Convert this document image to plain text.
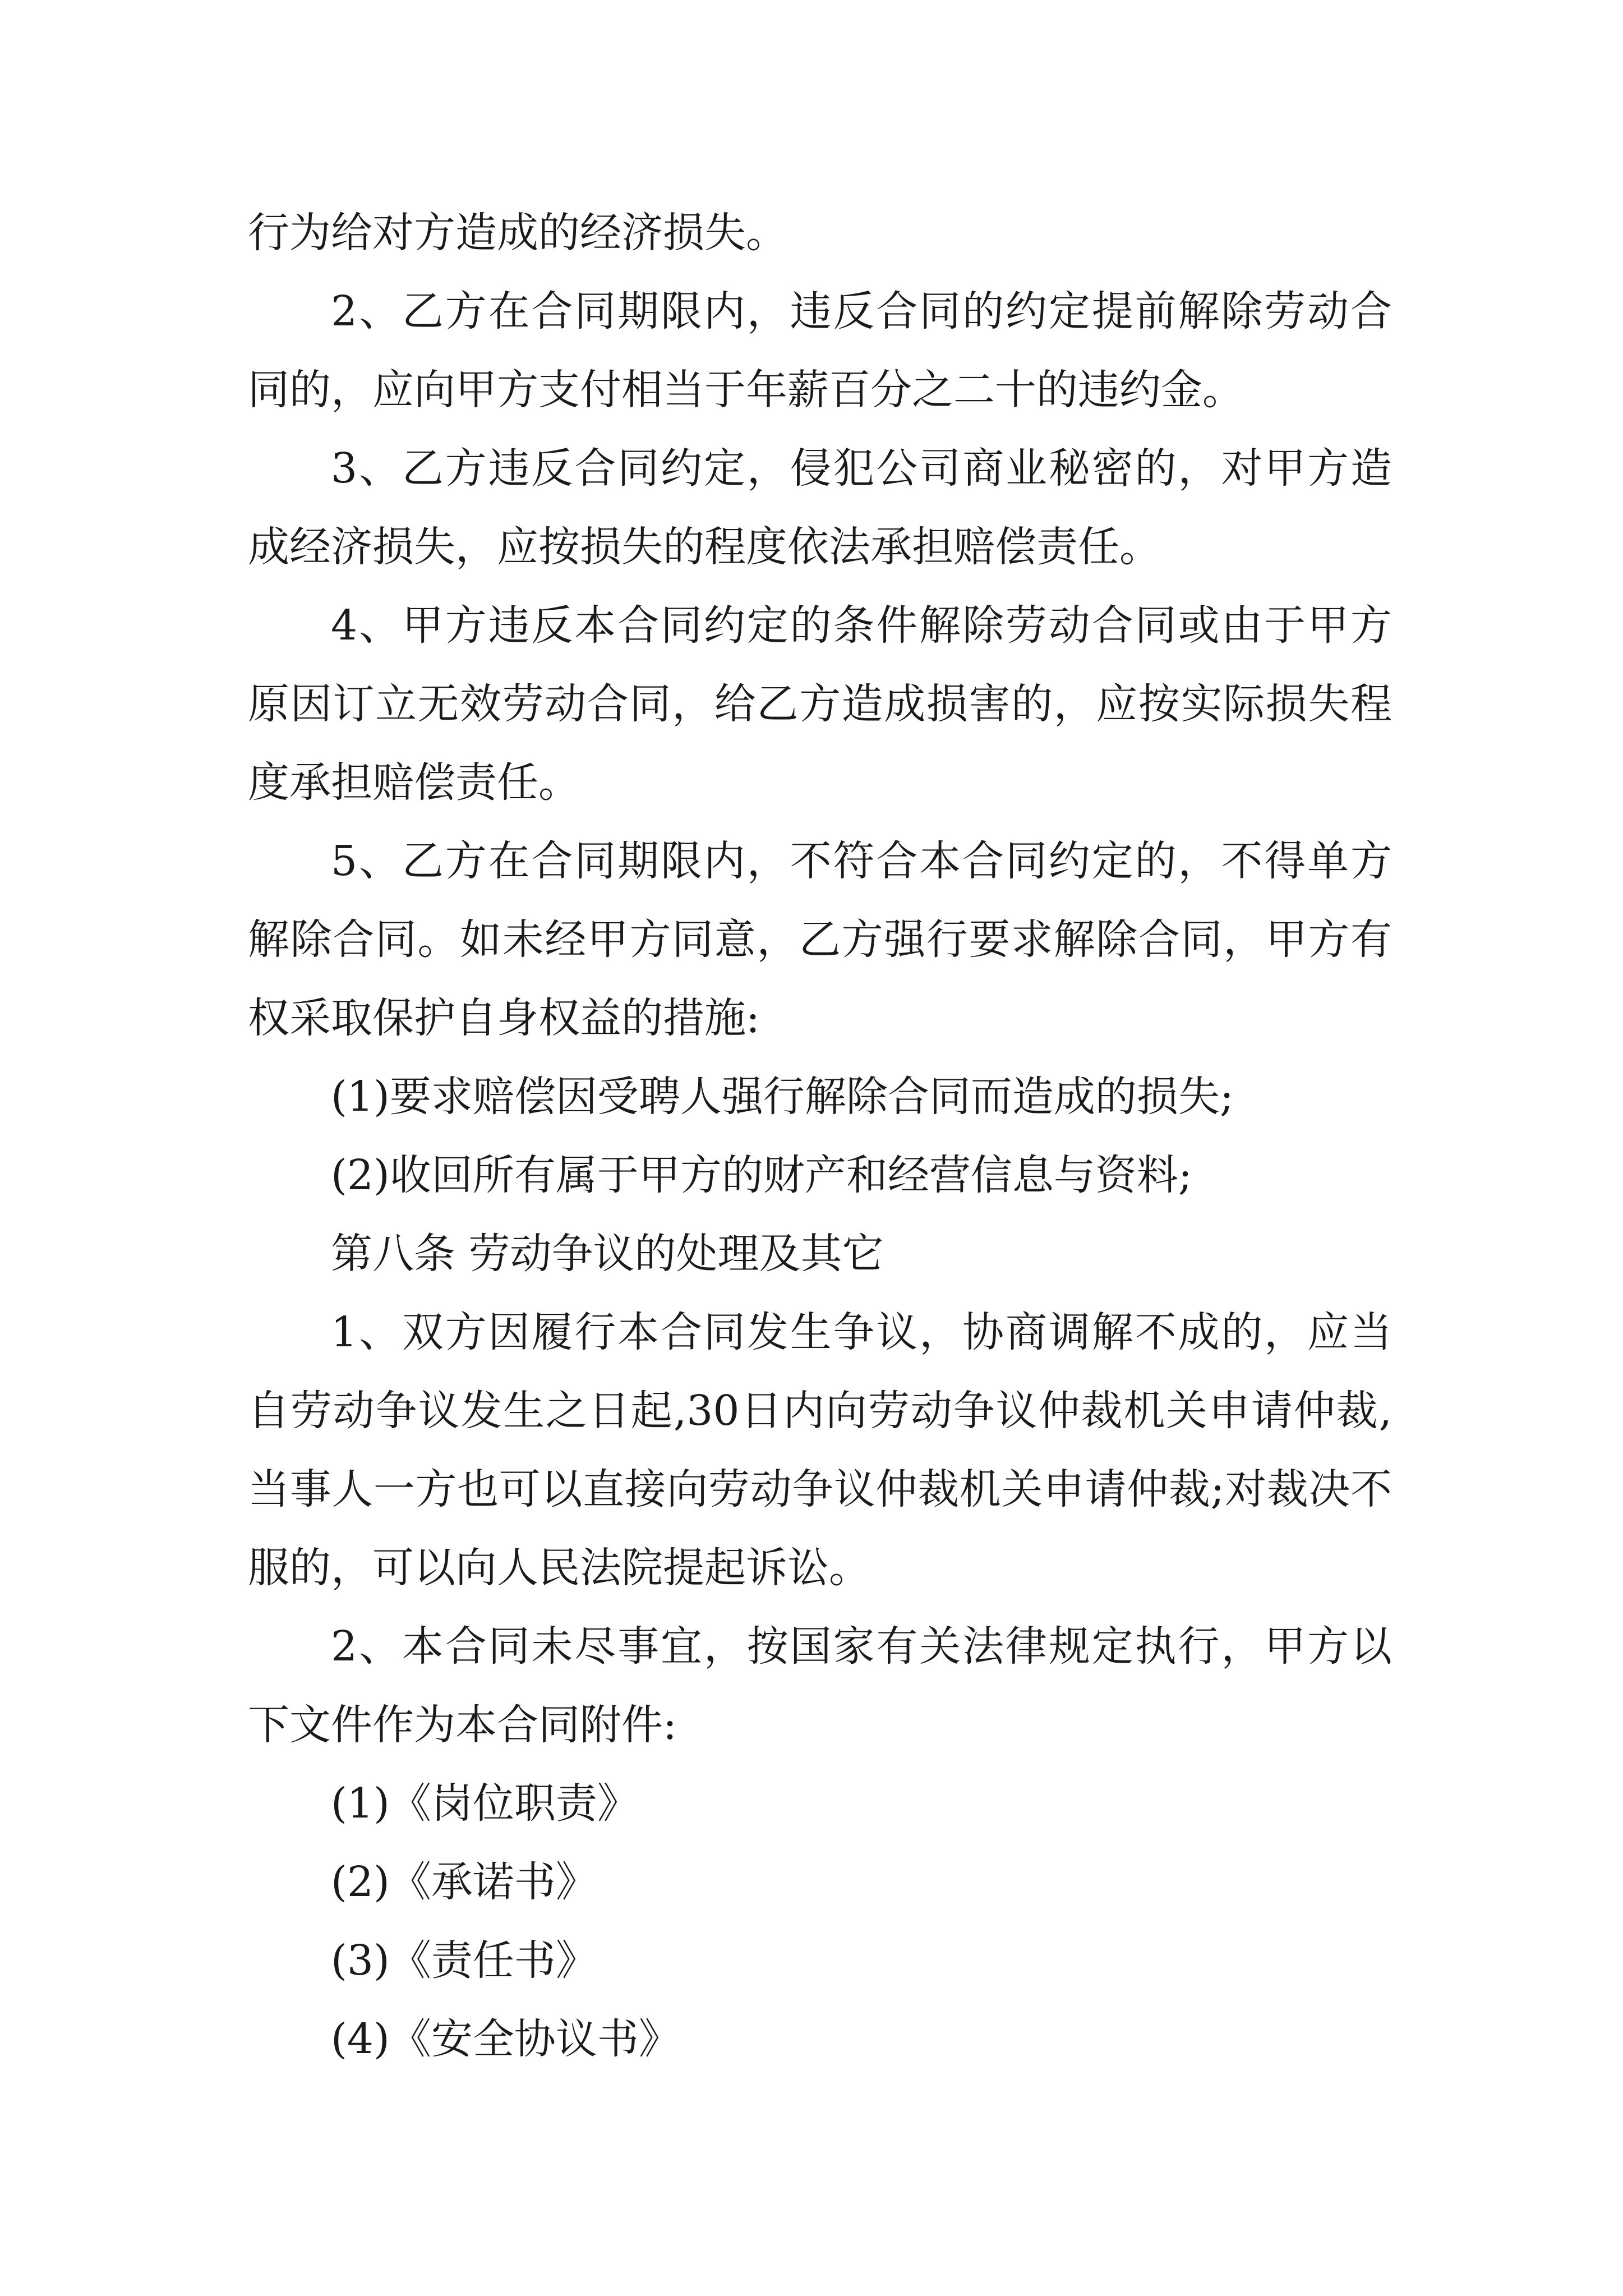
行为给对方造成的经济损失。

2、乙方在合同期限内，违反合同的约定提前解除劳动合同的，应向甲方支付相当于年薪百分之二十的违约金。

3、乙方违反合同约定，侵犯公司商业秘密的，对甲方造成经济损失，应按损失的程度依法承担赔偿责任。

4、甲方违反本合同约定的条件解除劳动合同或由于甲方原因订立无效劳动合同，给乙方造成损害的，应按实际损失程度承担赔偿责任。

5、乙方在合同期限内，不符合本合同约定的，不得单方解除合同。如未经甲方同意，乙方强行要求解除合同，甲方有权采取保护自身权益的措施:

(1)要求赔偿因受聘人强行解除合同而造成的损失;

(2)收回所有属于甲方的财产和经营信息与资料;

第八条 劳动争议的处理及其它

1、双方因履行本合同发生争议，协商调解不成的，应当自劳动争议发生之日起,30日内向劳动争议仲裁机关申请仲裁,当事人一方也可以直接向劳动争议仲裁机关申请仲裁;对裁决不服的，可以向人民法院提起诉讼。

2、本合同未尽事宜，按国家有关法律规定执行，甲方以下文件作为本合同附件:

(1)《岗位职责》

(2)《承诺书》

(3)《责任书》

(4)《安全协议书》
